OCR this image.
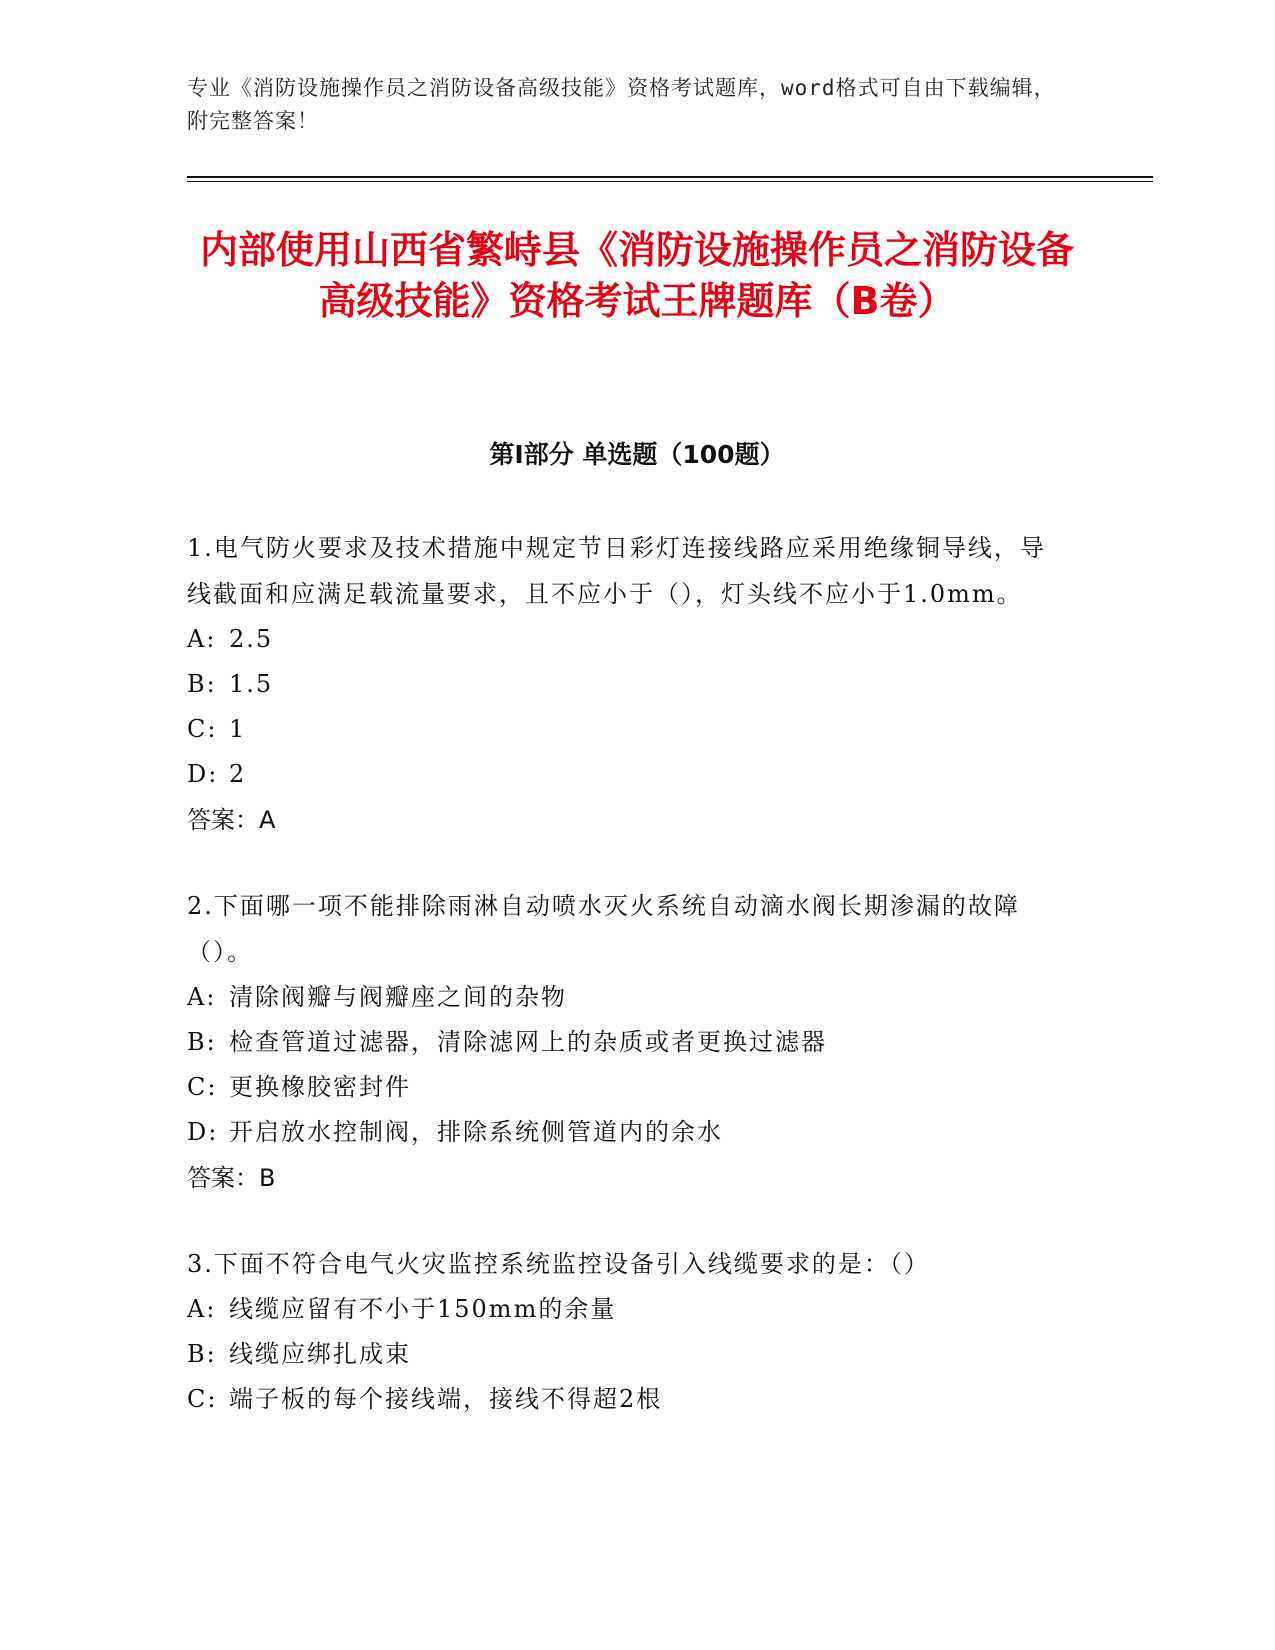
专业《消防设施操作员之消防设备高级技能》资格考试题库，word格式可自由下载编辑，附完整答案！
内部使用山西省繁峙县《消防设施操作员之消防设备高级技能》资格考试王牌题库（B卷）
第Ⅰ部分 单选题（100题）
1.电气防火要求及技术措施中规定节日彩灯连接线路应采用绝缘铜导线，导线截面和应满足载流量要求，且不应小于（），灯头线不应小于1.0mm。
A: 2.5
B: 1.5
C: 1
D: 2
答案：A
2.下面哪一项不能排除雨淋自动喷水灭火系统自动滴水阀长期渗漏的故障（）。
A: 清除阀瓣与阀瓣座之间的杂物
B: 检查管道过滤器，清除滤网上的杂质或者更换过滤器
C: 更换橡胶密封件
D: 开启放水控制阀，排除系统侧管道内的余水
答案：B
3.下面不符合电气火灾监控系统监控设备引入线缆要求的是：（）
A: 线缆应留有不小于150mm的余量
B: 线缆应绑扎成束
C: 端子板的每个接线端，接线不得超2根
